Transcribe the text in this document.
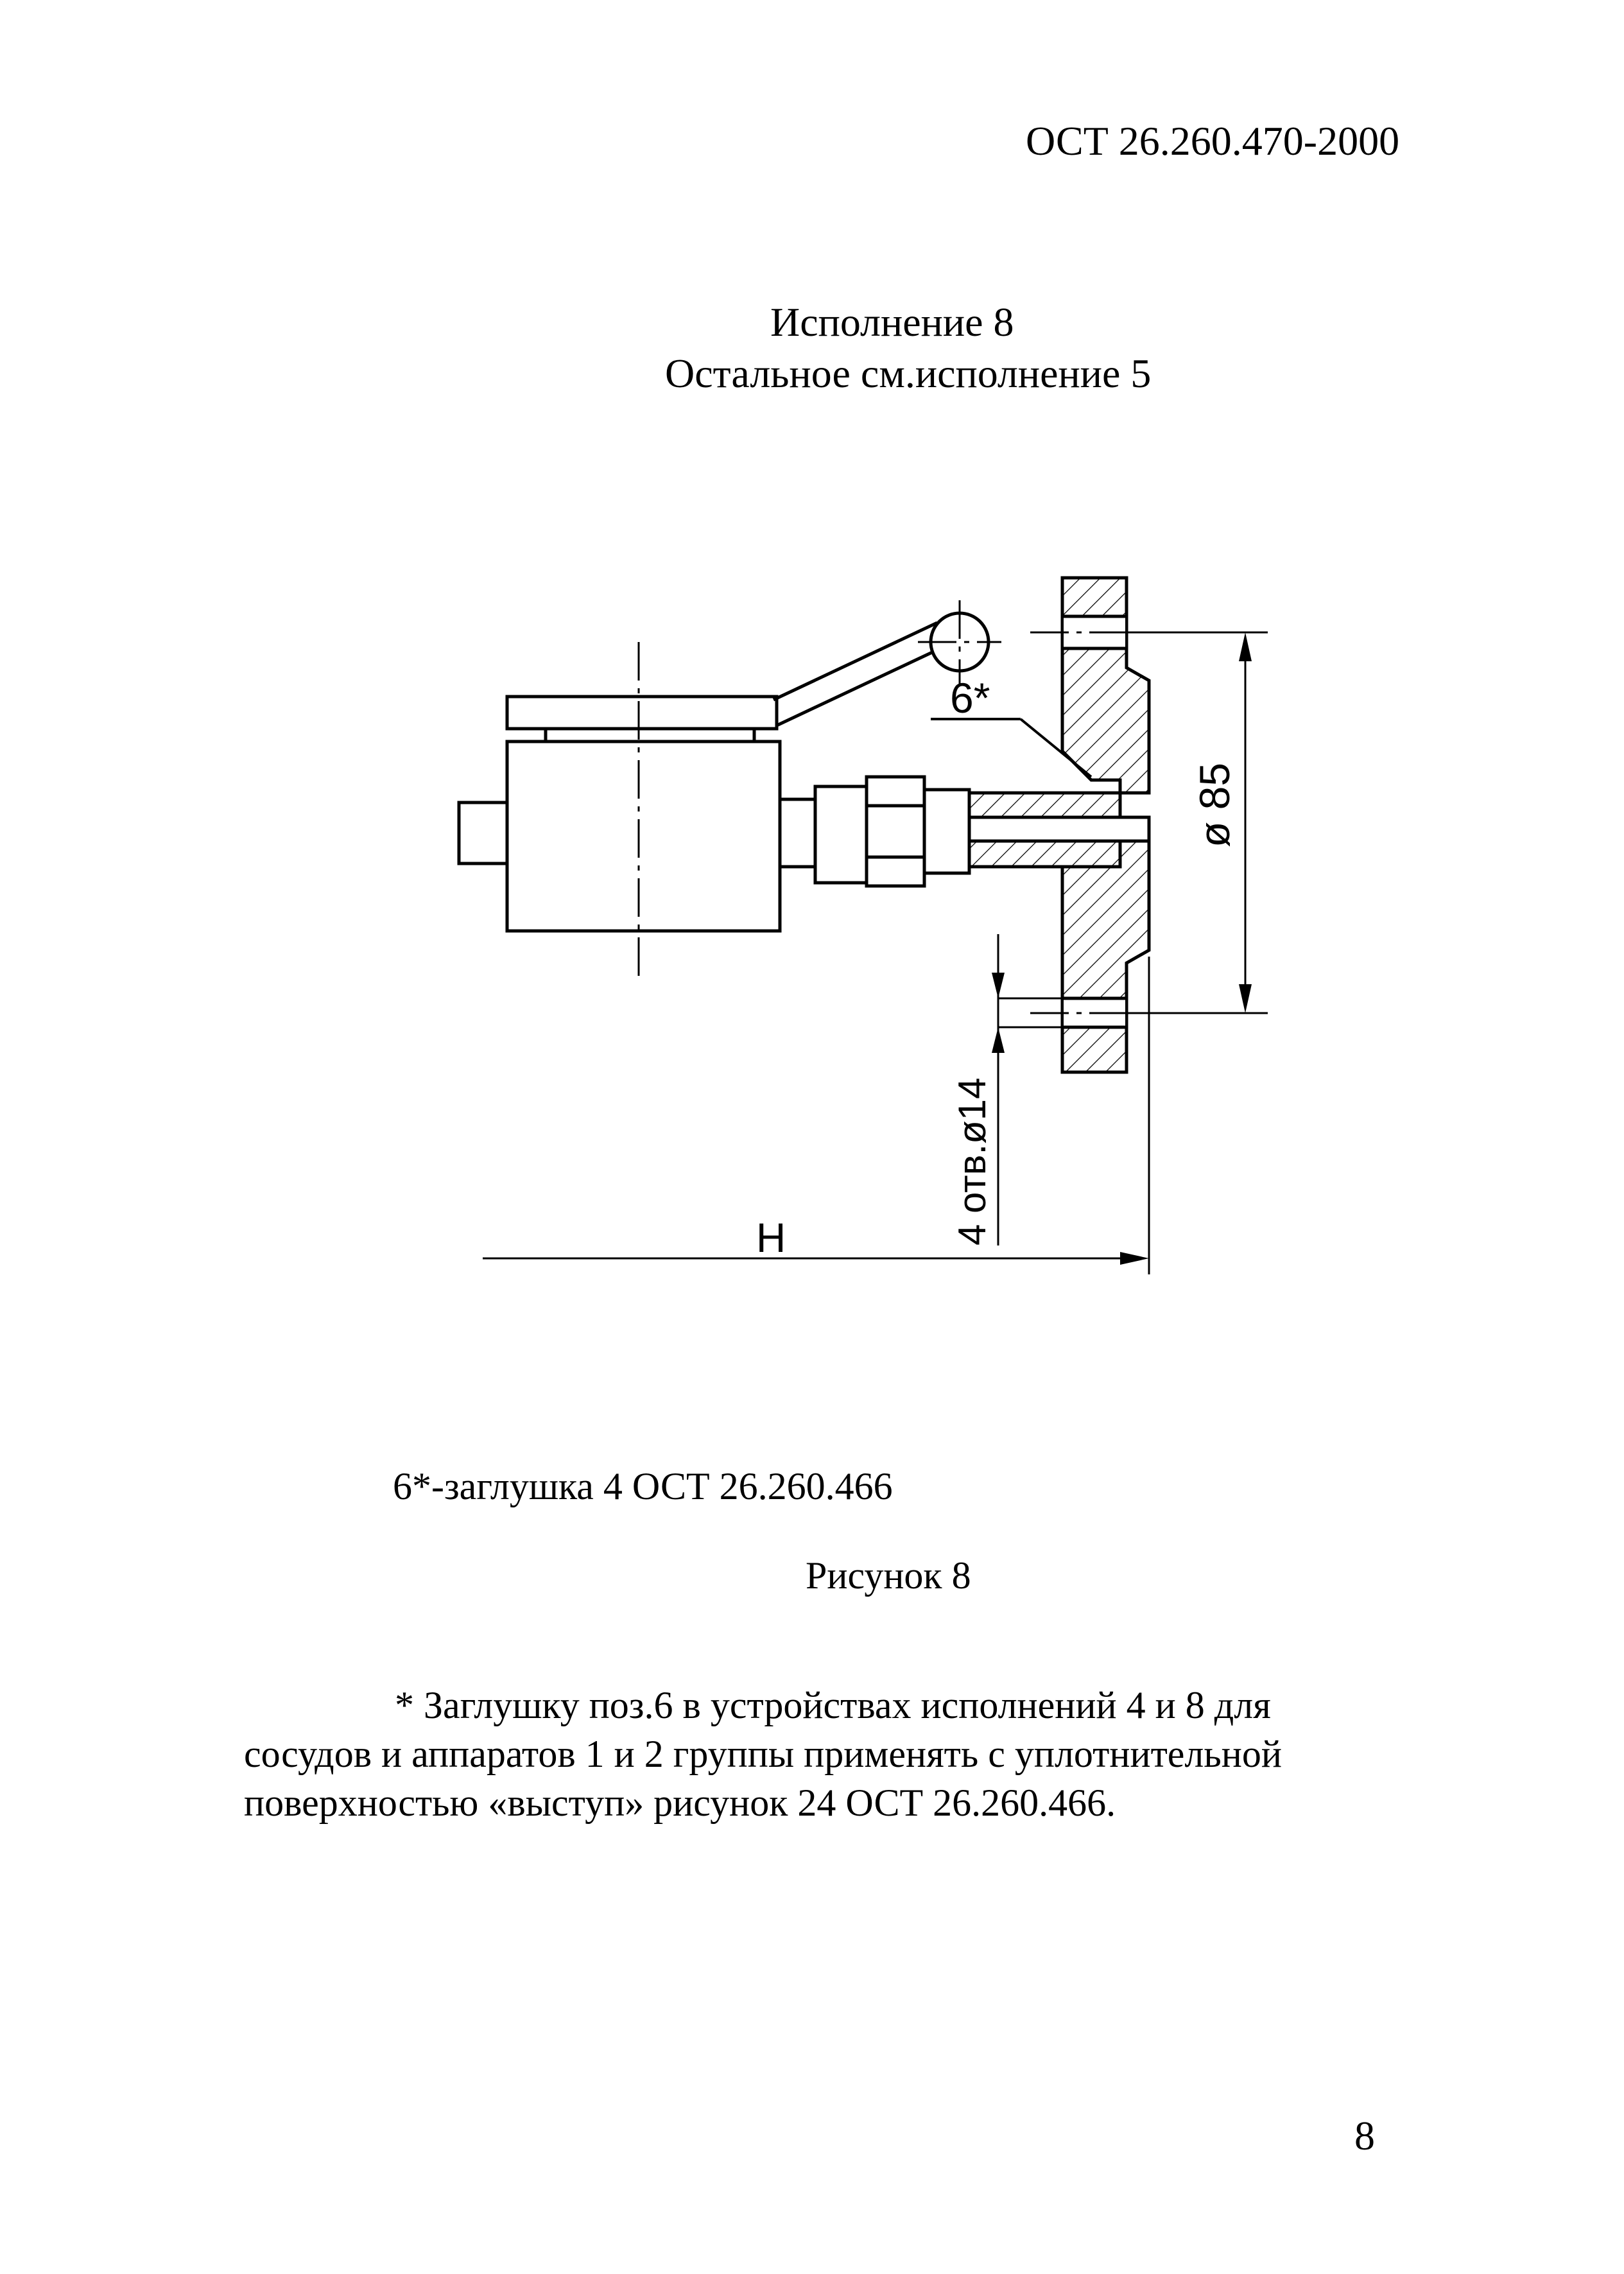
ОСТ 26.260.470-2000
Исполнение 8
Остальное см.исполнение 5
6*
ø 85
4 отв.ø14
H
6*-заглушка 4 ОСТ 26.260.466
Рисунок 8
* Заглушку поз.6 в устройствах исполнений 4 и 8 для
сосудов и аппаратов 1 и 2 группы применять с уплотнительной
поверхностью «выступ» рисунок 24 ОСТ 26.260.466.
8
